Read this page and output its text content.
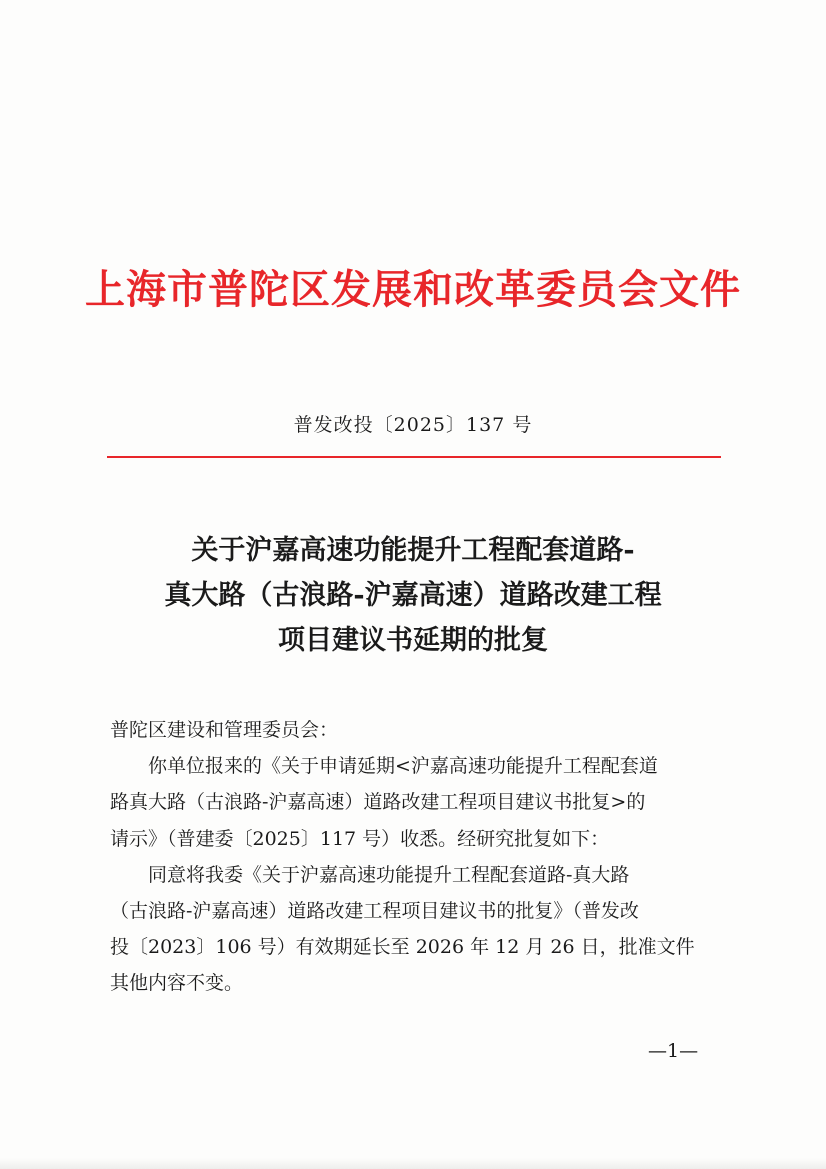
上海市普陀区发展和改革委员会文件
普发改投〔2025〕137 号
关于沪嘉高速功能提升工程配套道路-
真大路（古浪路-沪嘉高速）道路改建工程
项目建议书延期的批复
普陀区建设和管理委员会：
你单位报来的《关于申请延期<沪嘉高速功能提升工程配套道
路真大路（古浪路-沪嘉高速）道路改建工程项目建议书批复>的
请示》（普建委〔2025〕117 号）收悉。经研究批复如下：
同意将我委《关于沪嘉高速功能提升工程配套道路-真大路
（古浪路-沪嘉高速）道路改建工程项目建议书的批复》（普发改
投〔2023〕106 号）有效期延长至 2026 年 12 月 26 日，批准文件
其他内容不变。
—1—
